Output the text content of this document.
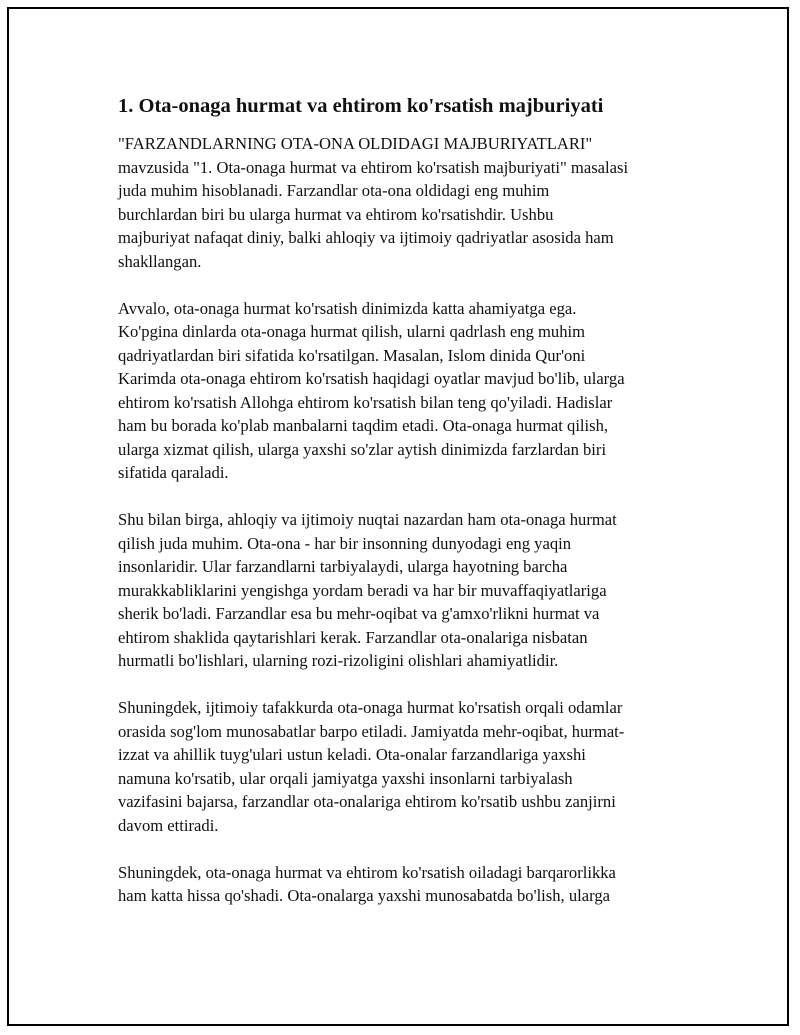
1. Ota-onaga hurmat va ehtirom ko'rsatish majburiyati
"FARZANDLARNING OTA-ONA OLDIDAGI MAJBURIYATLARI"
mavzusida "1. Ota-onaga hurmat va ehtirom ko'rsatish majburiyati" masalasi
juda muhim hisoblanadi. Farzandlar ota-ona oldidagi eng muhim
burchlardan biri bu ularga hurmat va ehtirom ko'rsatishdir. Ushbu
majburiyat nafaqat diniy, balki ahloqiy va ijtimoiy qadriyatlar asosida ham
shakllangan.
Avvalo, ota-onaga hurmat ko'rsatish dinimizda katta ahamiyatga ega.
Ko'pgina dinlarda ota-onaga hurmat qilish, ularni qadrlash eng muhim
qadriyatlardan biri sifatida ko'rsatilgan. Masalan, Islom dinida Qur'oni
Karimda ota-onaga ehtirom ko'rsatish haqidagi oyatlar mavjud bo'lib, ularga
ehtirom ko'rsatish Allohga ehtirom ko'rsatish bilan teng qo'yiladi. Hadislar
ham bu borada ko'plab manbalarni taqdim etadi. Ota-onaga hurmat qilish,
ularga xizmat qilish, ularga yaxshi so'zlar aytish dinimizda farzlardan biri
sifatida qaraladi.
Shu bilan birga, ahloqiy va ijtimoiy nuqtai nazardan ham ota-onaga hurmat
qilish juda muhim. Ota-ona - har bir insonning dunyodagi eng yaqin
insonlaridir. Ular farzandlarni tarbiyalaydi, ularga hayotning barcha
murakkabliklarini yengishga yordam beradi va har bir muvaffaqiyatlariga
sherik bo'ladi. Farzandlar esa bu mehr-oqibat va g'amxo'rlikni hurmat va
ehtirom shaklida qaytarishlari kerak. Farzandlar ota-onalariga nisbatan
hurmatli bo'lishlari, ularning rozi-rizoligini olishlari ahamiyatlidir.
Shuningdek, ijtimoiy tafakkurda ota-onaga hurmat ko'rsatish orqali odamlar
orasida sog'lom munosabatlar barpo etiladi. Jamiyatda mehr-oqibat, hurmat-
izzat va ahillik tuyg'ulari ustun keladi. Ota-onalar farzandlariga yaxshi
namuna ko'rsatib, ular orqali jamiyatga yaxshi insonlarni tarbiyalash
vazifasini bajarsa, farzandlar ota-onalariga ehtirom ko'rsatib ushbu zanjirni
davom ettiradi.
Shuningdek, ota-onaga hurmat va ehtirom ko'rsatish oiladagi barqarorlikka
ham katta hissa qo'shadi. Ota-onalarga yaxshi munosabatda bo'lish, ularga
